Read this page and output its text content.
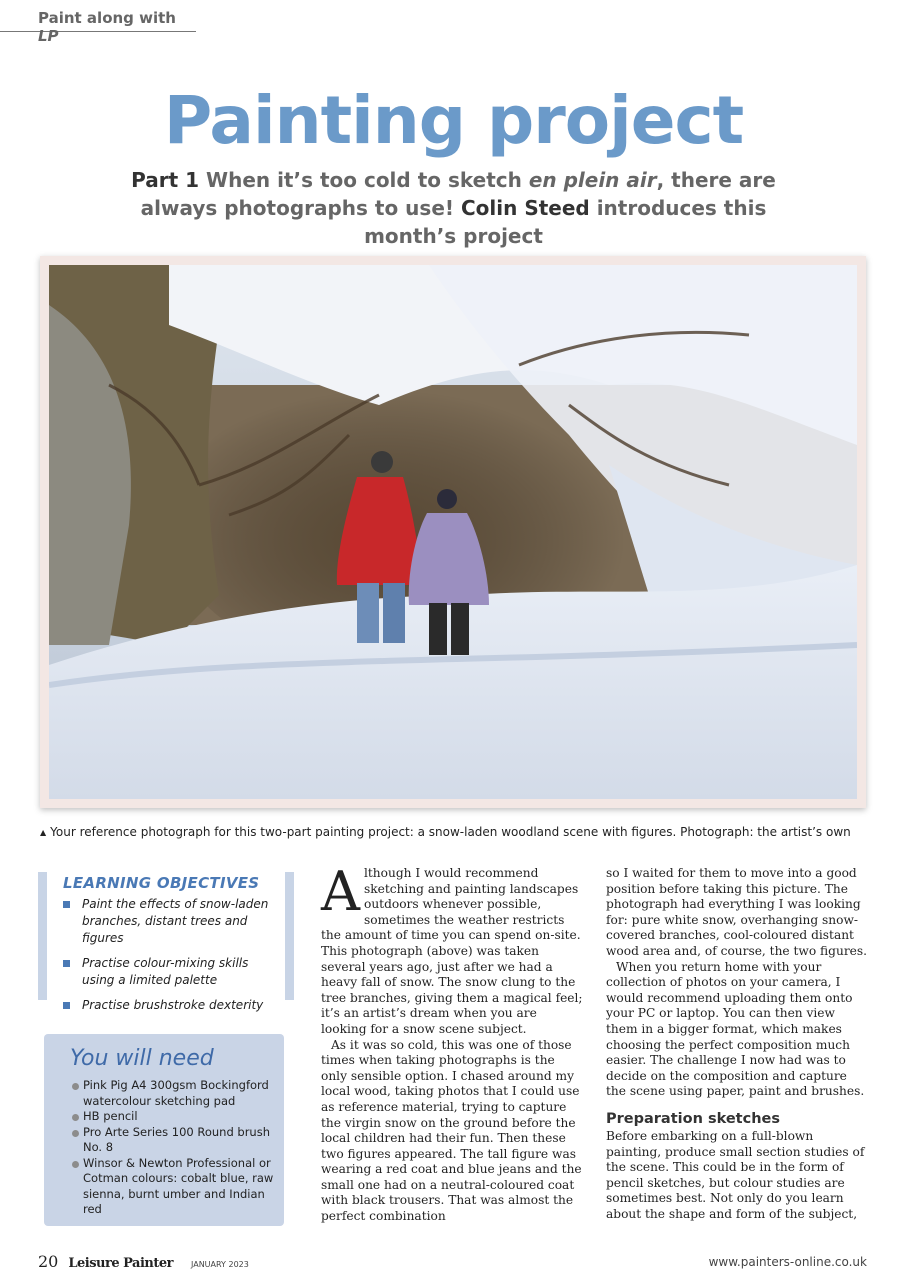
Paint along with LP
Painting project
Part 1 When it’s too cold to sketch en plein air, there are always photographs to use! Colin Steed introduces this month’s project
▲ Your reference photograph for this two-part painting project: a snow-laden woodland scene with figures. Photograph: the artist’s own
LEARNING OBJECTIVES
Paint the effects of snow-laden branches, distant trees and figures
Practise colour-mixing skills using a limited palette
Practise brushstroke dexterity
You will need
Pink Pig A4 300gsm Bockingford watercolour sketching pad
HB pencil
Pro Arte Series 100 Round brush No. 8
Winsor & Newton Professional or Cotman colours: cobalt blue, raw sienna, burnt umber and Indian red

Although I would recommend sketching and painting landscapes outdoors whenever possible, sometimes the weather restricts the amount of time you can spend on-site. This photograph (above) was taken several years ago, just after we had a heavy fall of snow. The snow clung to the tree branches, giving them a magical feel; it’s an artist’s dream when you are looking for a snow scene subject.

As it was so cold, this was one of those times when taking photographs is the only sensible option. I chased around my local wood, taking photos that I could use as reference material, trying to capture the virgin snow on the ground before the local children had their fun. Then these two figures appeared. The tall figure was wearing a red coat and blue jeans and the small one had on a neutral-coloured coat with black trousers. That was almost the perfect combination

so I waited for them to move into a good position before taking this picture. The photograph had everything I was looking for: pure white snow, overhanging snow-covered branches, cool-coloured distant wood area and, of course, the two figures.

When you return home with your collection of photos on your camera, I would recommend uploading them onto your PC or laptop. You can then view them in a bigger format, which makes choosing the perfect composition much easier. The challenge I now had was to decide on the composition and capture the scene using paper, paint and brushes.

Preparation sketches

Before embarking on a full-blown painting, produce small section studies of the scene. This could be in the form of pencil sketches, but colour studies are sometimes best. Not only do you learn about the shape and form of the subject,

20 Leisure Painter JANUARY 2023	www.painters-online.co.uk
